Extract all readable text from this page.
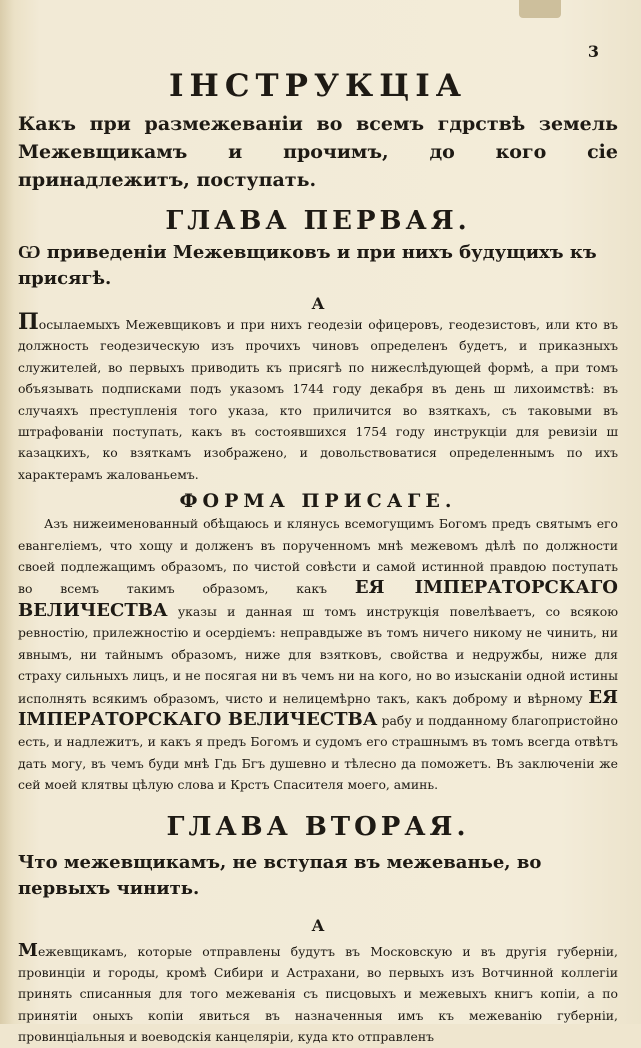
3
ІНСТРУКЦІА

Какъ при размежеваніи во всемъ гдрствѣ земель Межевщикамъ и прочимъ, до кого сіе принадлежитъ, поступать.

ГЛАВА ПЕРВАЯ.

Ѡ приведеніи Межевщиковъ и при нихъ будущихъ къ присягѣ.

А

Посылаемыхъ Межевщиковъ и при нихъ геодезіи офицеровъ, геодезистовъ, или кто въ должность геодезическую изъ прочихъ чиновъ определенъ будетъ, и приказныхъ служителей, во первыхъ приводить къ присягѣ по нижеслѣдующей формѣ, а при томъ объязывать подписками подъ указомъ 1744 году декабря въ день ш лихоимствѣ: въ случаяхъ преступленія того указа, кто приличится во взяткахъ, съ таковыми въ штрафованіи поступать, какъ въ состоявшихся 1754 году инструкціи для ревизіи ш казацкихъ, ко взяткамъ изображено, и довольствоватися определеннымъ по ихъ характерамъ жалованьемъ.

ФОРМА ПРИСАГЕ.

Азъ нижеименованный обѣщаюсь и клянусь всемогущимъ Богомъ предъ святымъ его евангеліемъ, что хощу и долженъ въ порученномъ мнѣ межевомъ дѣлѣ по должности своей подлежащимъ образомъ, по чистой совѣсти и самой истинной правдою поступать во всемъ такимъ образомъ, какъ ЕЯ ІМПЕРАТОРСКАГО ВЕЛИЧЕСТВА указы и данная ш томъ инструкція повелѣваетъ, со всякою ревностію, прилежностію и осердіемъ: неправдыже въ томъ ничего никому не чинить, ни явнымъ, ни тайнымъ образомъ, ниже для взятковъ, свойства и недружбы, ниже для страху сильныхъ лицъ, и не посягая ни въ чемъ ни на кого, но во изысканіи одной истины исполнять всякимъ образомъ, чисто и нелицемѣрно такъ, какъ доброму и вѣрному ЕЯ ІМПЕРАТОРСКАГО ВЕЛИЧЕСТВА рабу и подданному благопристойно есть, и надлежитъ, и какъ я предъ Богомъ и судомъ его страшнымъ въ томъ всегда отвѣтъ дать могу, въ чемъ буди мнѣ Гдь Бгъ душевно и тѣлесно да поможетъ. Въ заключеніи же сей моей клятвы цѣлую слова и Крстъ Спасителя моего, аминь.

ГЛАВА ВТОРАЯ.

Что межевщикамъ, не вступая въ межеванье, во первыхъ чинить.

А

Межевщикамъ, которые отправлены будутъ въ Московскую и въ другія губерніи, провинціи и городы, кромѣ Сибири и Астрахани, во первыхъ изъ Вотчинной коллегіи принять списанныя для того межеванія съ писцовыхъ и межевыхъ книгъ копіи, а по принятіи оныхъ копіи явиться въ назначенныя имъ къ межеванію губерніи, провинціальныя и воеводскія канцеляріи, куда кто отправленъ
